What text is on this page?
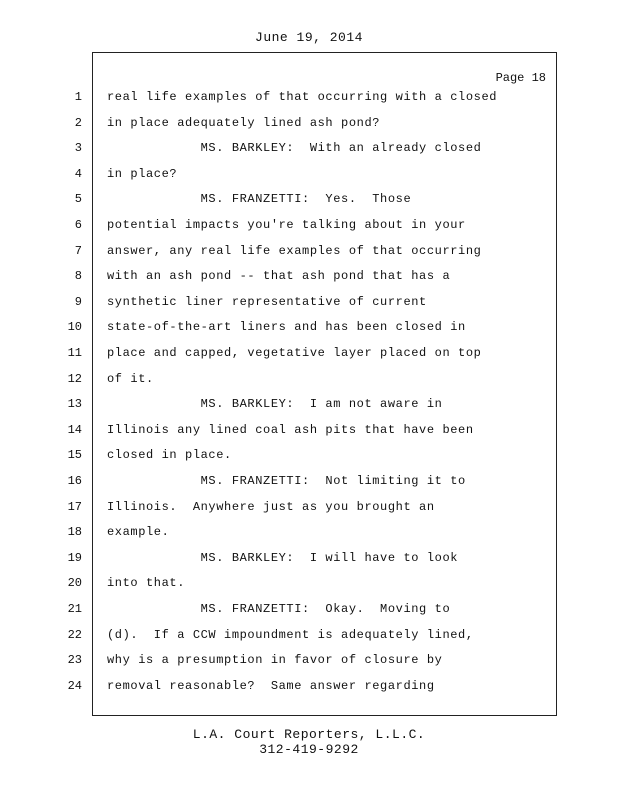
June 19, 2014
Page 18
1 real life examples of that occurring with a closed
2 in place adequately lined ash pond?
3 MS. BARKLEY:  With an already closed
4 in place?
5 MS. FRANZETTI:  Yes.  Those
6 potential impacts you're talking about in your
7 answer, any real life examples of that occurring
8 with an ash pond -- that ash pond that has a
9 synthetic liner representative of current
10 state-of-the-art liners and has been closed in
11 place and capped, vegetative layer placed on top
12 of it.
13 MS. BARKLEY:  I am not aware in
14 Illinois any lined coal ash pits that have been
15 closed in place.
16 MS. FRANZETTI:  Not limiting it to
17 Illinois.  Anywhere just as you brought an
18 example.
19 MS. BARKLEY:  I will have to look
20 into that.
21 MS. FRANZETTI:  Okay.  Moving to
22 (d).  If a CCW impoundment is adequately lined,
23 why is a presumption in favor of closure by
24 removal reasonable?  Same answer regarding
L.A. Court Reporters, L.L.C.
312-419-9292
